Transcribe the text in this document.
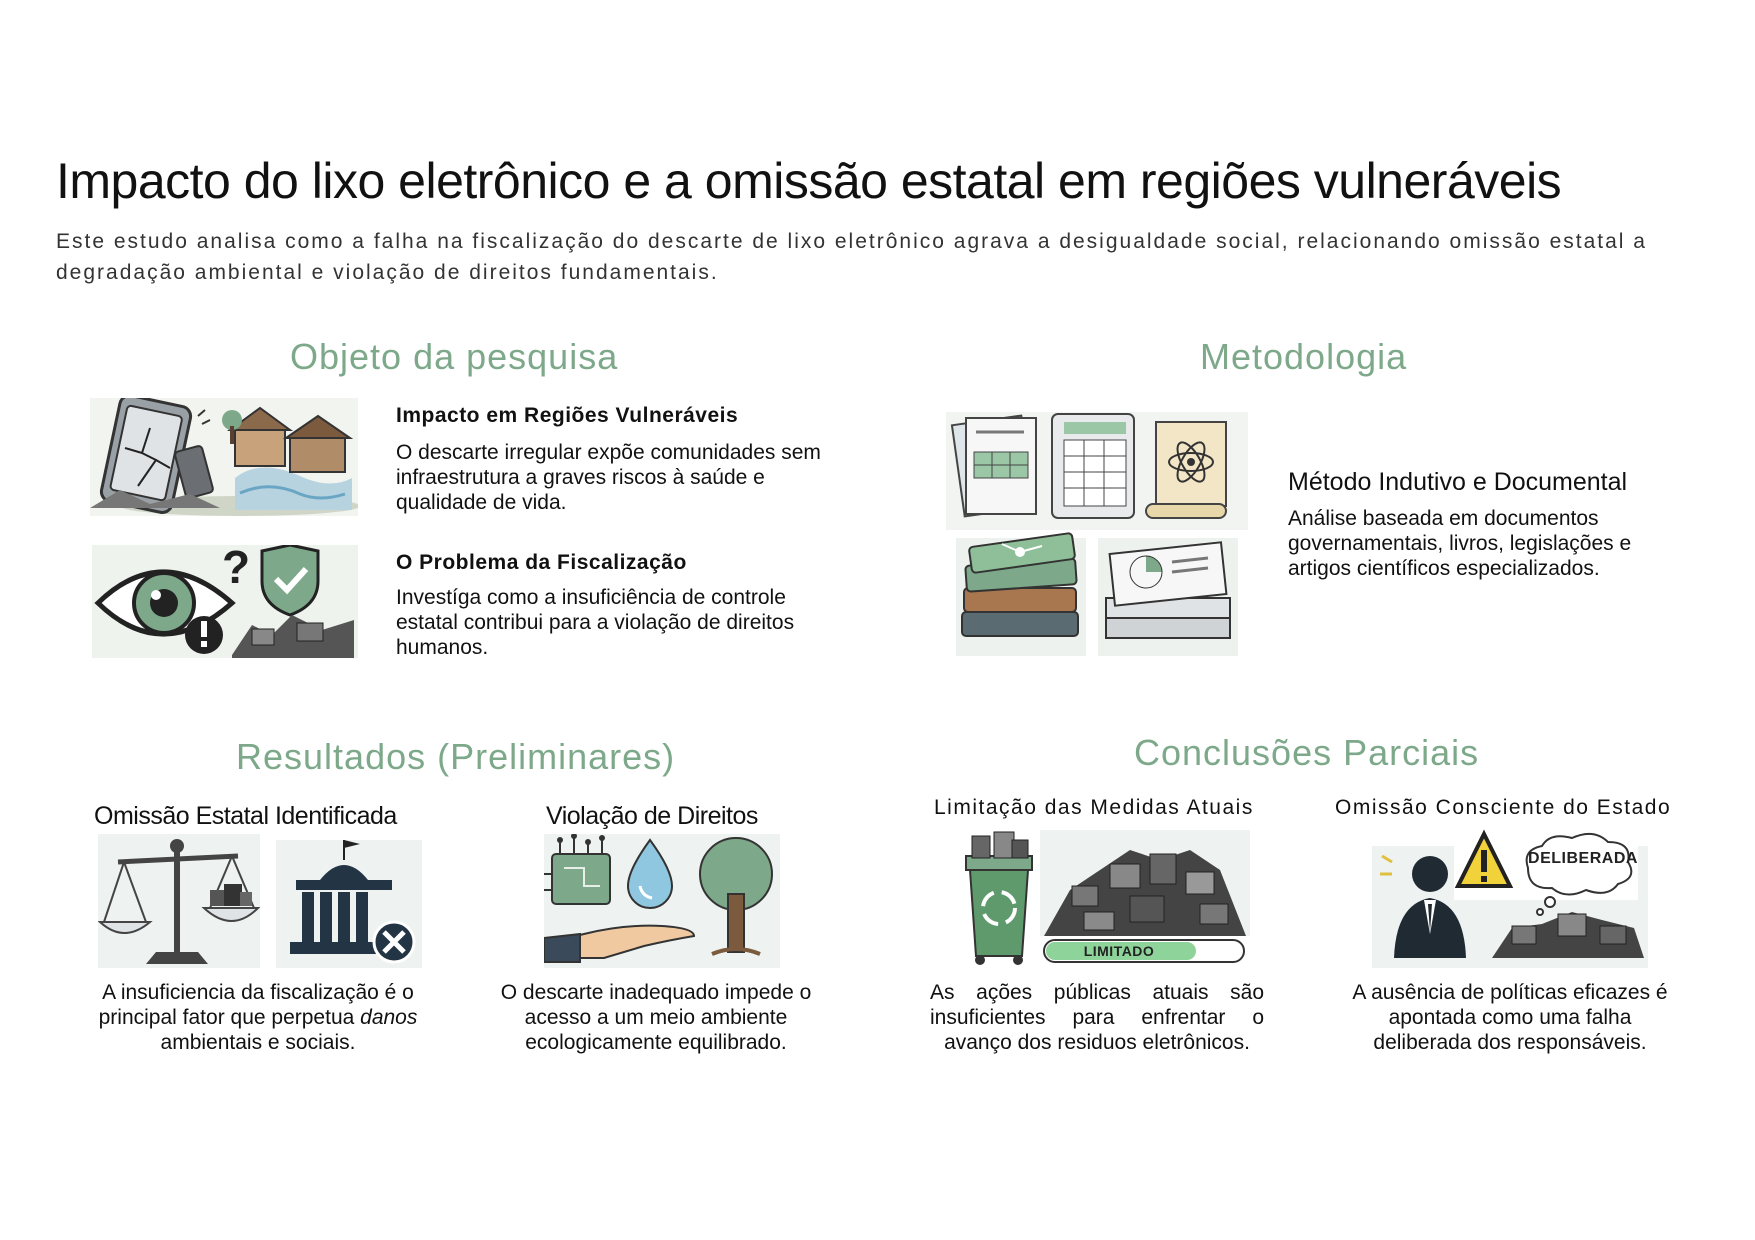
Impacto do lixo eletrônico e a omissão estatal em regiões vulneráveis
Este estudo analisa como a falha na fiscalização do descarte de lixo eletrônico agrava a desigualdade social, relacionando omissão estatal a degradação ambiental e violação de direitos fundamentais.
Objeto da pesquisa
Impacto em Regiões Vulneráveis
O descarte irregular expõe comunidades sem infraestrutura a graves riscos à saúde e qualidade de vida.
?	O Problema da Fiscalização
Investíga como a insuficiência de controle estatal contribui para a violação de direitos humanos.
Metodologia
Método Indutivo e Documental
Análise baseada em documentos governamentais, livros, legislações e artigos científicos especializados.
Resultados (Preliminares)
Omissão Estatal Identificada
A insuficiencia da fiscalização é o principal fator que perpetua danos ambientais e sociais.
Violação de Direitos
O descarte inadequado impede o acesso a um meio ambiente ecologicamente equilibrado.
Conclusões Parciais
Limitação das Medidas Atuais
LIMITADO
As ações públicas atuais são insuficientes para enfrentar o avanço dos residuos eletrônicos.
Omissão Consciente do Estado
DELIBERADA
A ausência de políticas eficazes é apontada como uma falha deliberada dos responsáveis.
